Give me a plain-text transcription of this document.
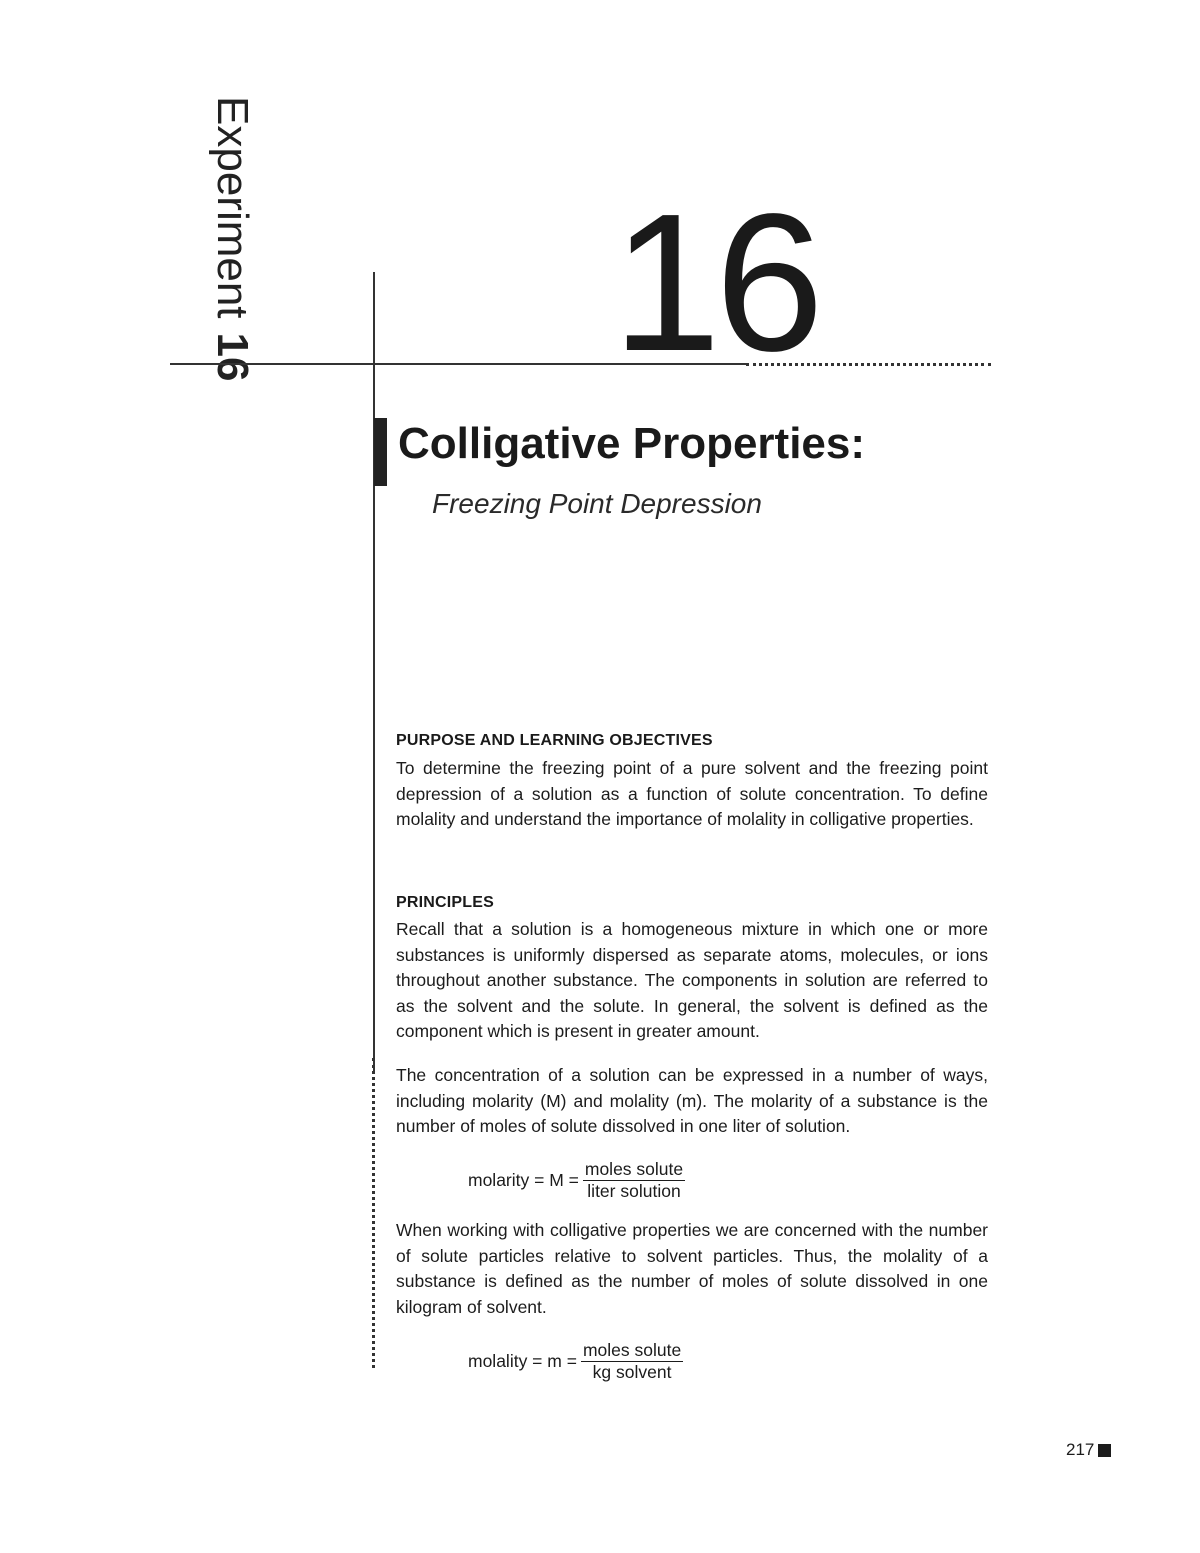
Experiment16 16
Colligative Properties:
Freezing Point Depression
PURPOSE AND LEARNING OBJECTIVES

To determine the freezing point of a pure solvent and the freezing point depression of a solution as a function of solute concentration. To define molality and understand the importance of molality in colligative properties.

PRINCIPLES

Recall that a solution is a homogeneous mixture in which one or more substances is uniformly dispersed as separate atoms, molecules, or ions throughout another substance. The components in solution are referred to as the solvent and the solute. In general, the solvent is defined as the component which is present in greater amount.

The concentration of a solution can be expressed in a number of ways, including molarity (M) and molality (m). The molarity of a substance is the number of moles of solute dissolved in one liter of solution.

molarity = $M = \frac{\text{moles solute}}{\text{liter solution}}$

When working with colligative properties we are concerned with the number of solute particles relative to solvent particles. Thus, the molality of a substance is defined as the number of moles of solute dissolved in one kilogram of solvent.

molality = $m = \frac{\text{moles solute}}{\text{kg solvent}}$
217
